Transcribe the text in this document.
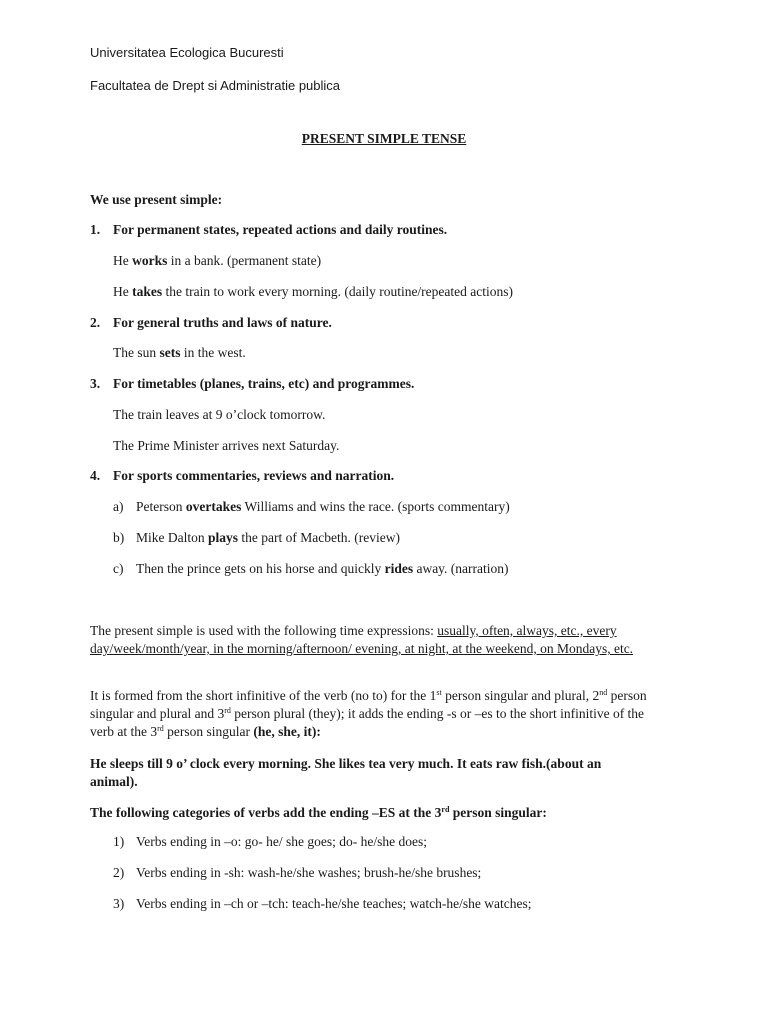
Universitatea Ecologica Bucuresti
Facultatea de Drept si Administratie publica
PRESENT SIMPLE TENSE
We use present simple:
1. For permanent states, repeated actions and daily routines.
He works in a bank. (permanent state)
He takes the train to work every morning. (daily routine/repeated actions)
2. For general truths and laws of nature.
The sun sets in the west.
3. For timetables (planes, trains, etc) and programmes.
The train leaves at 9 o’clock tomorrow.
The Prime Minister arrives next Saturday.
4. For sports commentaries, reviews and narration.
a) Peterson overtakes Williams and wins the race. (sports commentary)
b) Mike Dalton plays the part of Macbeth. (review)
c) Then the prince gets on his horse and quickly rides away. (narration)
The present simple is used with the following time expressions: usually, often, always, etc., every day/week/month/year, in the morning/afternoon/ evening, at night, at the weekend, on Mondays, etc.
It is formed from the short infinitive of the verb (no to) for the 1st person singular and plural, 2nd person singular and plural and 3rd person plural (they); it adds the ending -s or –es to the short infinitive of the verb at the 3rd person singular (he, she, it):
He sleeps till 9 o’ clock every morning. She likes tea very much. It eats raw fish.(about an animal).
The following categories of verbs add the ending –ES at the 3rd person singular:
1) Verbs ending in –o: go- he/ she goes; do- he/she does;
2) Verbs ending in -sh: wash-he/she washes; brush-he/she brushes;
3) Verbs ending in –ch or –tch: teach-he/she teaches; watch-he/she watches;
